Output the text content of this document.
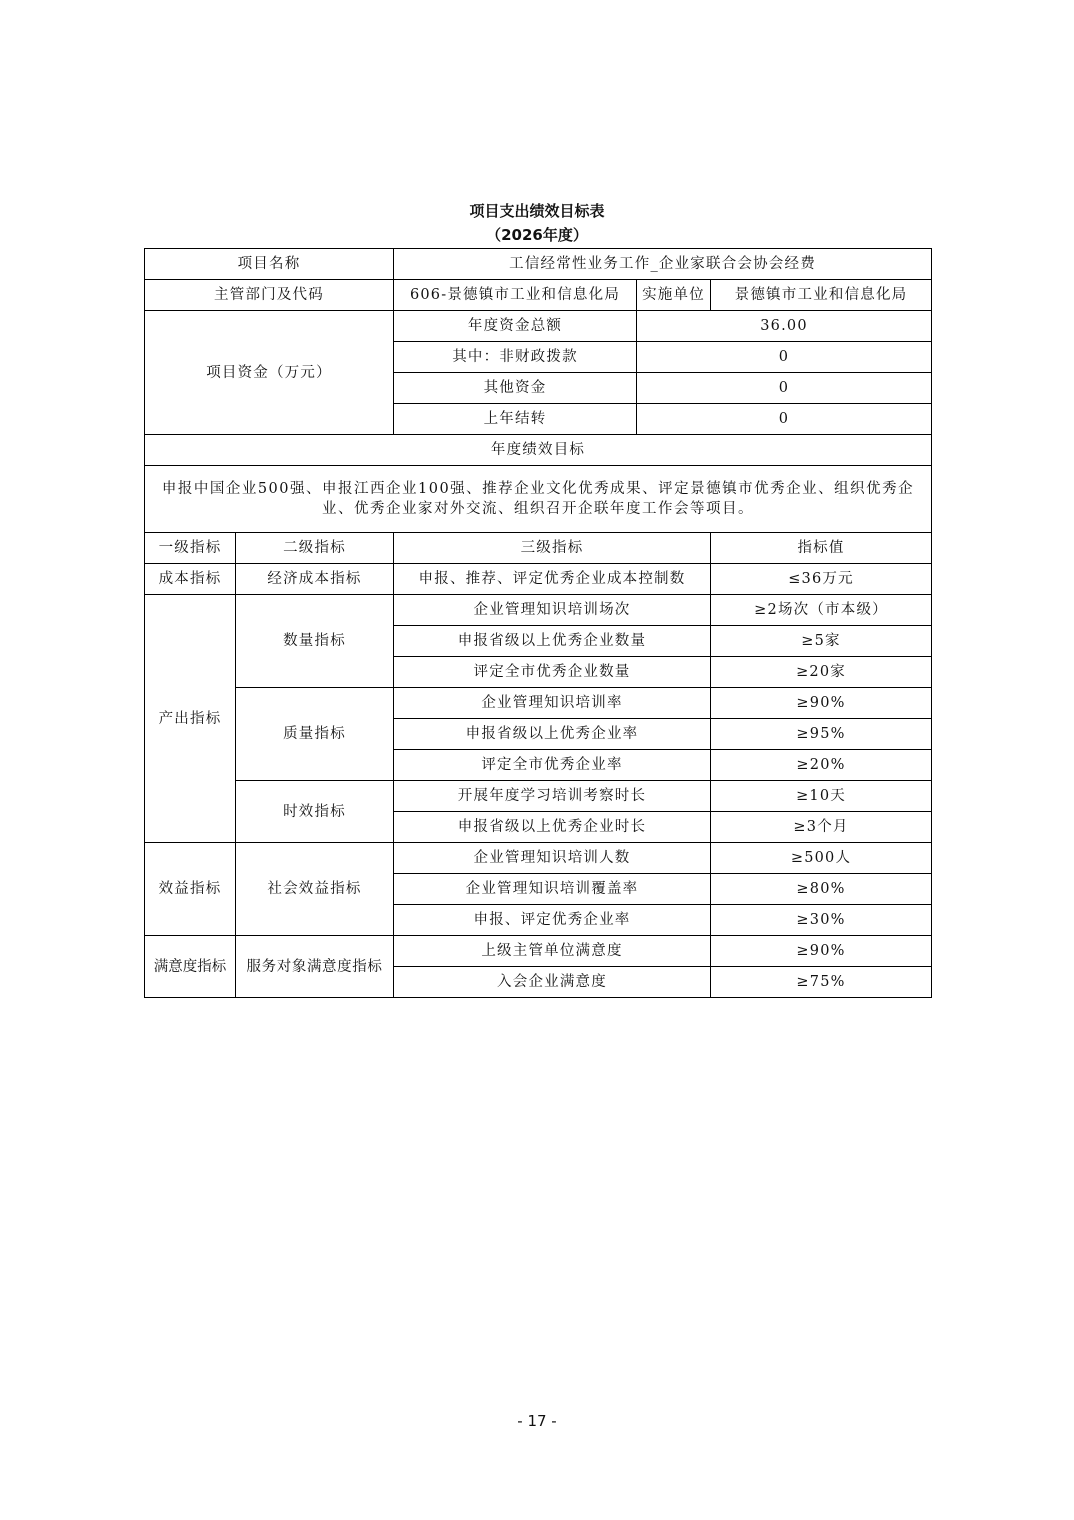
项目支出绩效目标表
（2026年度）
项目名称		工信经常性业务工作_企业家联合会协会经费		
主管部门及代码		606-景德镇市工业和信息化局	实施单位	景德镇市工业和信息化局
项目资金（万元）		年度资金总额	36.00	
		其中：非财政拨款	0	
		其他资金	0	
		上年结转	0	
年度绩效目标				
申报中国企业500强、申报江西企业100强、推荐企业文化优秀成果、评定景德镇市优秀企业、组织优秀企业、优秀企业家对外交流、组织召开企联年度工作会等项目。				
一级指标	二级指标	三级指标		指标值
成本指标	经济成本指标	申报、推荐、评定优秀企业成本控制数		≤36万元
产出指标	数量指标	企业管理知识培训场次		≥2场次（市本级）
		申报省级以上优秀企业数量		≥5家
		评定全市优秀企业数量		≥20家
	质量指标	企业管理知识培训率		≥90%
		申报省级以上优秀企业率		≥95%
		评定全市优秀企业率		≥20%
	时效指标	开展年度学习培训考察时长		≥10天
		申报省级以上优秀企业时长		≥3个月
效益指标	社会效益指标	企业管理知识培训人数		≥500人
		企业管理知识培训覆盖率		≥80%
		申报、评定优秀企业率		≥30%
满意度指标	服务对象满意度指标	上级主管单位满意度		≥90%
		入会企业满意度		≥75%
- 17 -
